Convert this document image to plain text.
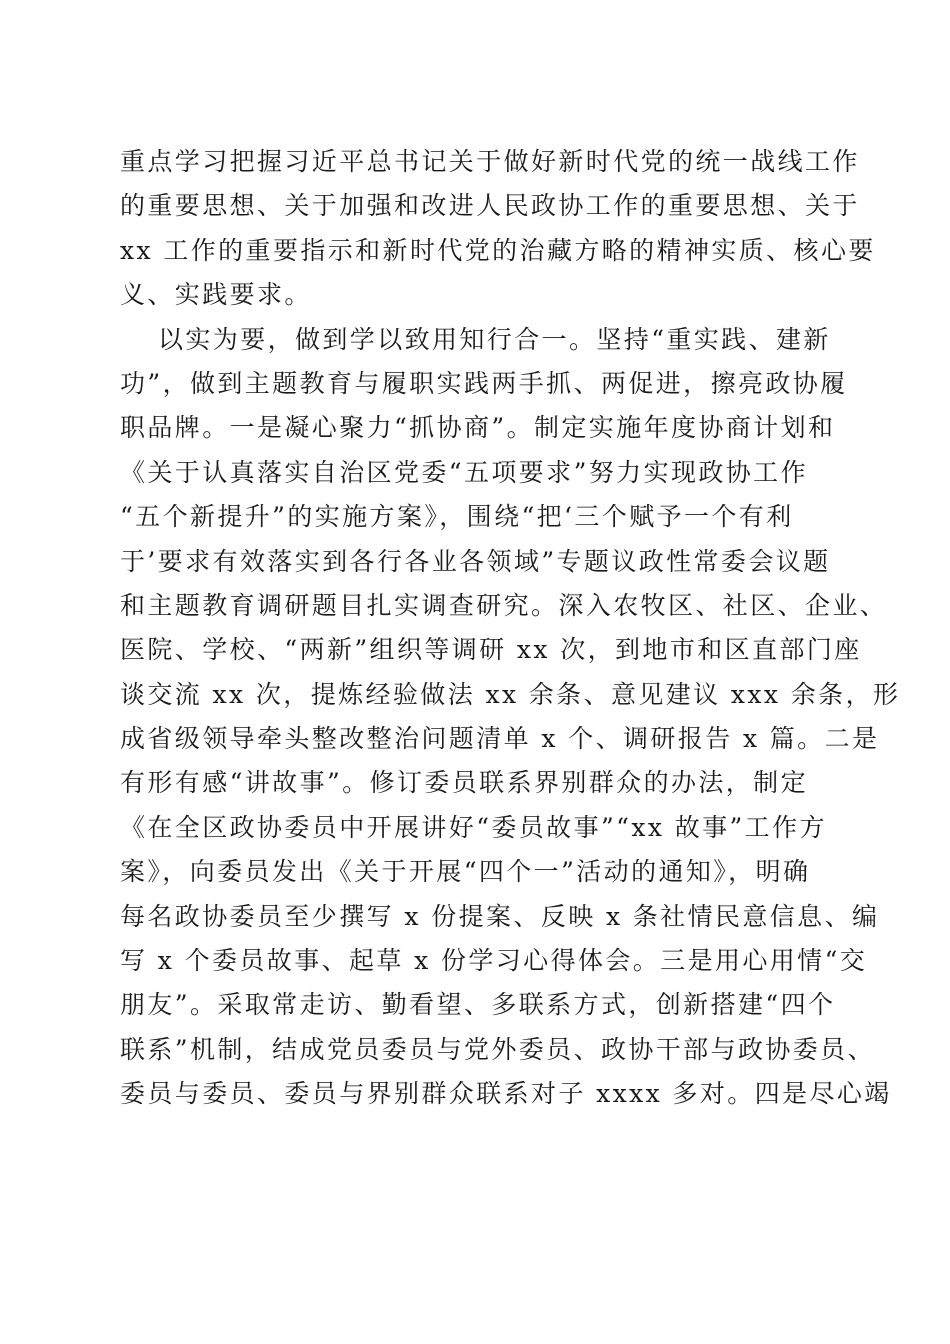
重点学习把握习近平总书记关于做好新时代党的统一战线工作
的重要思想、关于加强和改进人民政协工作的重要思想、关于
xx 工作的重要指示和新时代党的治藏方略的精神实质、核心要
义、实践要求。
以实为要，做到学以致用知行合一。坚持“重实践、建新
功”，做到主题教育与履职实践两手抓、两促进，擦亮政协履
职品牌。一是凝心聚力“抓协商”。制定实施年度协商计划和
《关于认真落实自治区党委“五项要求”努力实现政协工作
“五个新提升”的实施方案》，围绕“把‘三个赋予一个有利
于’要求有效落实到各行各业各领域”专题议政性常委会议题
和主题教育调研题目扎实调查研究。深入农牧区、社区、企业、
医院、学校、“两新”组织等调研 xx 次，到地市和区直部门座
谈交流 xx 次，提炼经验做法 xx 余条、意见建议 xxx 余条，形
成省级领导牵头整改整治问题清单 x 个、调研报告 x 篇。二是
有形有感“讲故事”。修订委员联系界别群众的办法，制定
《在全区政协委员中开展讲好“委员故事”“xx 故事”工作方
案》，向委员发出《关于开展“四个一”活动的通知》，明确
每名政协委员至少撰写 x 份提案、反映 x 条社情民意信息、编
写 x 个委员故事、起草 x 份学习心得体会。三是用心用情“交
朋友”。采取常走访、勤看望、多联系方式，创新搭建“四个
联系”机制，结成党员委员与党外委员、政协干部与政协委员、
委员与委员、委员与界别群众联系对子 xxxx 多对。四是尽心竭
